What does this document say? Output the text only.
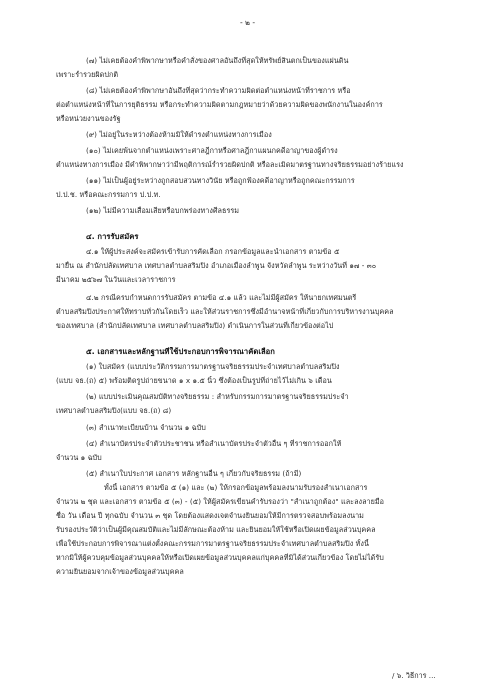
- ๒ -
(๗) ไม่เคยต้องคำพิพากษาหรือคำสั่งของศาลอันถึงที่สุดให้ทรัพย์สินตกเป็นของแผ่นดิน
เพราะร่ำรวยผิดปกติ
(๘) ไม่เคยต้องคำพิพากษาอันถึงที่สุดว่ากระทำความผิดต่อตำแหน่งหน้าที่ราชการ หรือ
ต่อตำแหน่งหน้าที่ในการยุติธรรม หรือกระทำความผิดตามกฎหมายว่าด้วยความผิดของพนักงานในองค์การ
หรือหน่วยงานของรัฐ
(๙) ไม่อยู่ในระหว่างต้องห้ามมิให้ดำรงตำแหน่งทางการเมือง
(๑๐) ไม่เคยพ้นจากตำแหน่งเพราะศาลฎีกาหรือศาลฎีกาแผนกคดีอาญาของผู้ดำรง
ตำแหน่งทางการเมือง มีคำพิพากษาว่ามีพฤติการณ์ร่ำรวยผิดปกติ หรือละเมิดมาตรฐานทางจริยธรรมอย่างร้ายแรง
(๑๑) ไม่เป็นผู้อยู่ระหว่างถูกสอบสวนทางวินัย หรือถูกฟ้องคดีอาญาหรือถูกคณะกรรมการ
ป.ป.ช. หรือคณะกรรมการ ป.ป.ท.
(๑๒) ไม่มีความเสื่อมเสียหรือบกพร่องทางศีลธรรม
๔. การรับสมัคร
๔.๑ ให้ผู้ประสงค์จะสมัครเข้ารับการคัดเลือก กรอกข้อมูลและนำเอกสาร ตามข้อ ๕
มายื่น ณ สำนักปลัดเทศบาล เทศบาลตำบลสริมปิง อำเภอเมืองลำพูน จังหวัดลำพูน ระหว่างวันที่ ๑๗ - ๓๐
มีนาคม ๒๕๖๗ ในวันและเวลาราชการ
๔.๒ กรณีครบกำหนดการรับสมัคร ตามข้อ ๔.๑ แล้ว และไม่มีผู้สมัคร ให้นายกเทศมนตรี
ตำบลสริมปิงประกาศให้ทราบทั่วกันโดยเร็ว และให้ส่วนราชการซึ่งมีอำนาจหน้าที่เกี่ยวกับการบริหารงานบุคคล
ของเทศบาล (สำนักปลัดเทศบาล เทศบาลตำบลสริมปิง) ดำเนินการในส่วนที่เกี่ยวข้องต่อไป
๕. เอกสารและหลักฐานที่ใช้ประกอบการพิจารณาคัดเลือก
(๑) ใบสมัคร (แบบประวัติกรรมการมาตรฐานจริยธรรมประจำเทศบาลตำบลสริมปิง
(แบบ จธ.(ถ) ๕) พร้อมติดรูปถ่ายขนาด ๑ x ๑.๕ นิ้ว ซึ่งต้องเป็นรูปที่ถ่ายไว้ไม่เกิน ๖ เดือน
(๒) แบบประเมินคุณสมบัติทางจริยธรรม : สำหรับกรรมการมาตรฐานจริยธรรมประจำ
เทศบาลตำบลสริมปิง(แบบ จธ.(ถ) ๘)
(๓) สำเนาทะเบียนบ้าน จำนวน ๑ ฉบับ
(๔) สำเนาบัตรประจำตัวประชาชน หรือสำเนาบัตรประจำตัวอื่น ๆ ที่ราชการออกให้
จำนวน ๑ ฉบับ
(๕) สำเนาใบประกาศ เอกสาร หลักฐานอื่น ๆ เกี่ยวกับจริยธรรม (ถ้ามี)
ทั้งนี้ เอกสาร ตามข้อ ๕ (๑) และ (๒) ให้กรอกข้อมูลพร้อมลงนามรับรองสำเนาเอกสาร
จำนวน ๒ ชุด และเอกสาร ตามข้อ ๕ (๓) - (๕) ให้ผู้สมัครเขียนคำรับรองว่า "สำเนาถูกต้อง" และลงลายมือ
ชื่อ วัน เดือน ปี ทุกฉบับ จำนวน ๓ ชุด โดยต้องแสดงเจตจำนงยินยอมให้มีการตรวจสอบพร้อมลงนาม
รับรองประวัติว่าเป็นผู้มีคุณสมบัติและไม่มีลักษณะต้องห้าม และยินยอมให้ใช้หรือเปิดเผยข้อมูลส่วนบุคคล
เพื่อใช้ประกอบการพิจารณาแต่งตั้งคณะกรรมการมาตรฐานจริยธรรมประจำเทศบาลตำบลสริมปิง ทั้งนี้
หากมิให้ผู้ควบคุมข้อมูลส่วนบุคคลให้หรือเปิดเผยข้อมูลส่วนบุคคลแก่บุคคลที่มิได้ส่วนเกี่ยวข้อง โดยไม่ได้รับ
ความยินยอมจากเจ้าของข้อมูลส่วนบุคคล
/ ๖. วิธีการ ...
